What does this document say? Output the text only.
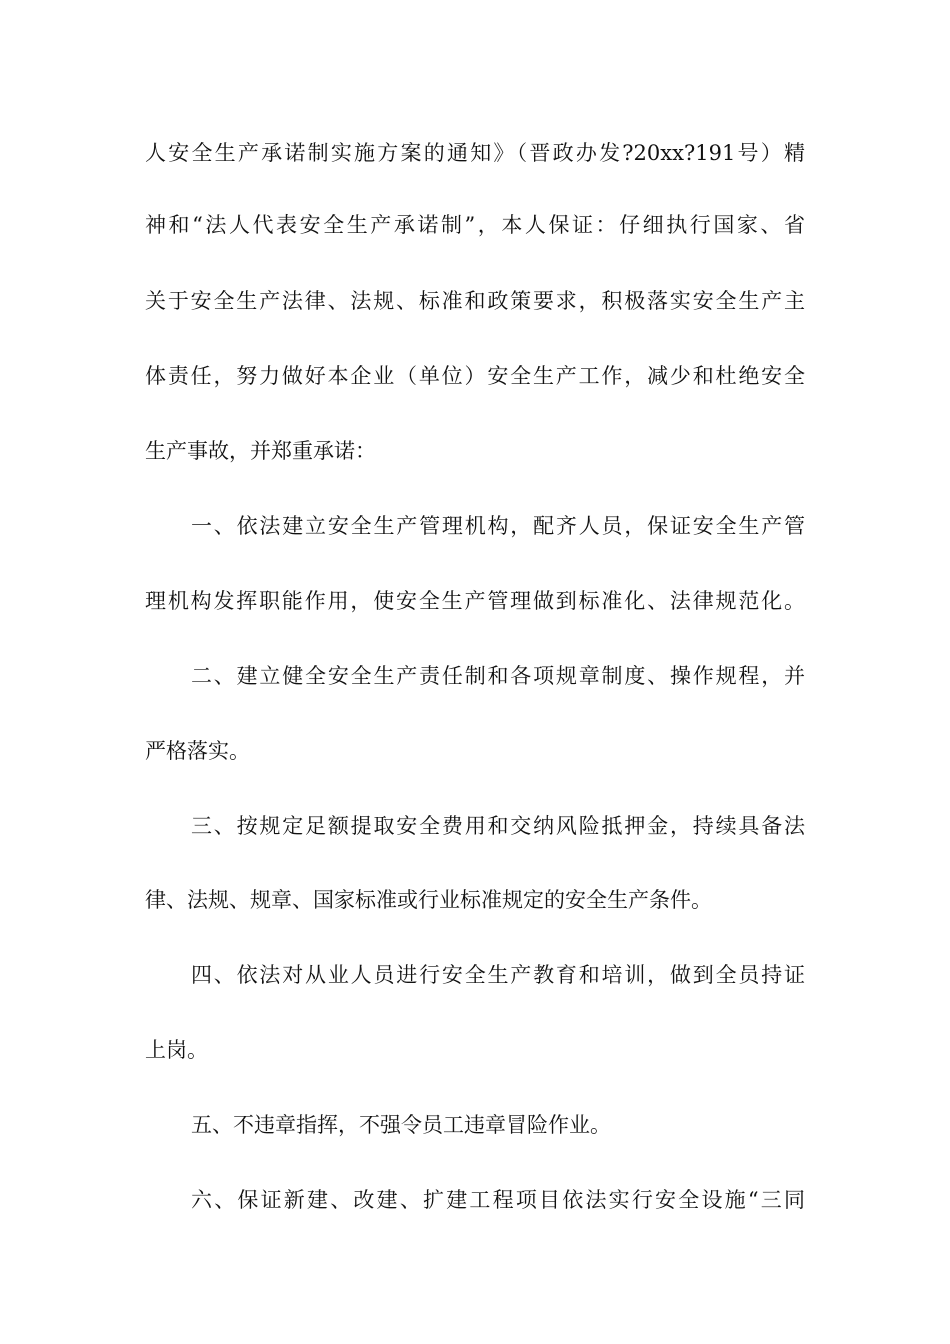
人安全生产承诺制实施方案的通知》（晋政办发?20xx?191号）精
神和“法人代表安全生产承诺制”，本人保证：仔细执行国家、省
关于安全生产法律、法规、标准和政策要求，积极落实安全生产主
体责任，努力做好本企业（单位）安全生产工作，减少和杜绝安全
生产事故，并郑重承诺：
一、依法建立安全生产管理机构，配齐人员，保证安全生产管
理机构发挥职能作用，使安全生产管理做到标准化、法律规范化。
二、建立健全安全生产责任制和各项规章制度、操作规程，并
严格落实。
三、按规定足额提取安全费用和交纳风险抵押金，持续具备法
律、法规、规章、国家标准或行业标准规定的安全生产条件。
四、依法对从业人员进行安全生产教育和培训，做到全员持证
上岗。
五、不违章指挥，不强令员工违章冒险作业。
六、保证新建、改建、扩建工程项目依法实行安全设施“三同
